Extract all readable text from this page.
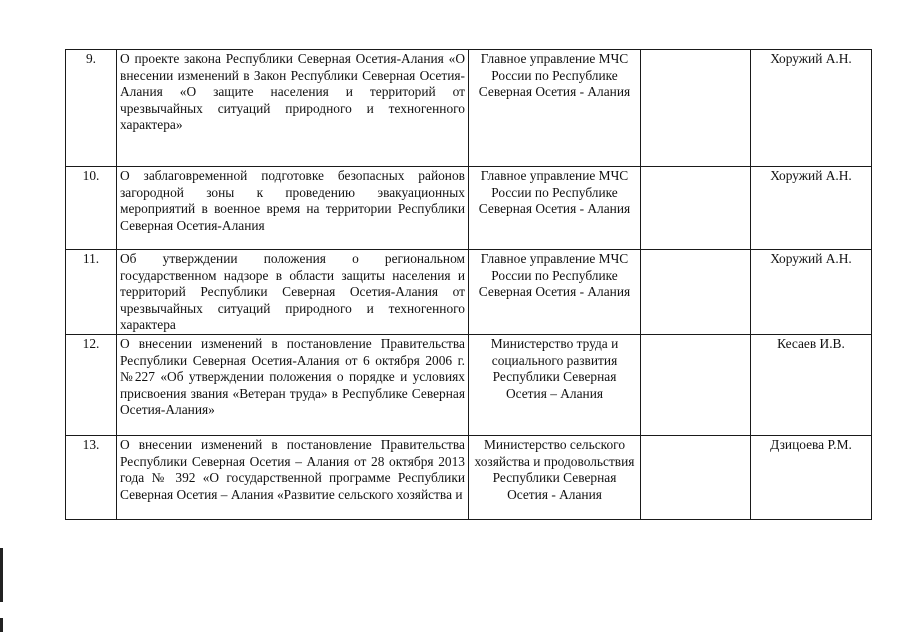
9.	О проекте закона Республики Северная Осетия-Алания «О внесении изменений в Закон Республики Северная Осетия-Алания «О защите населения и территорий от чрезвычайных ситуаций природного и техногенного характера»	Главное управление МЧС России по Республике Северная Осетия - Алания		Хоружий А.Н.

10.	О заблаговременной подготовке безопасных районов загородной зоны к проведению эвакуационных мероприятий в военное время на территории Республики Северная Осетия-Алания	Главное управление МЧС России по Республике Северная Осетия - Алания		Хоружий А.Н.

11.	Об утверждении положения о региональном государственном надзоре в области защиты населения и территорий Республики Северная Осетия-Алания от чрезвычайных ситуаций природного и техногенного характера	Главное управление МЧС России по Республике Северная Осетия - Алания		Хоружий А.Н.

12.	О внесении изменений в постановление Правительства Республики Северная Осетия-Алания от 6 октября 2006 г. №227 «Об утверждении положения о порядке и условиях присвоения звания «Ветеран труда» в Республике Северная Осетия-Алания»	Министерство труда и социального развития Республики Северная Осетия – Алания		Кесаев И.В.

13.	О внесении изменений в постановление Правительства Республики Северная Осетия – Алания от 28 октября 2013 года № 392 «О государственной программе Республики Северная Осетия – Алания «Развитие сельского хозяйства и	Министерство сельского хозяйства и продовольствия Республики Северная Осетия - Алания		Дзицоева Р.М.
